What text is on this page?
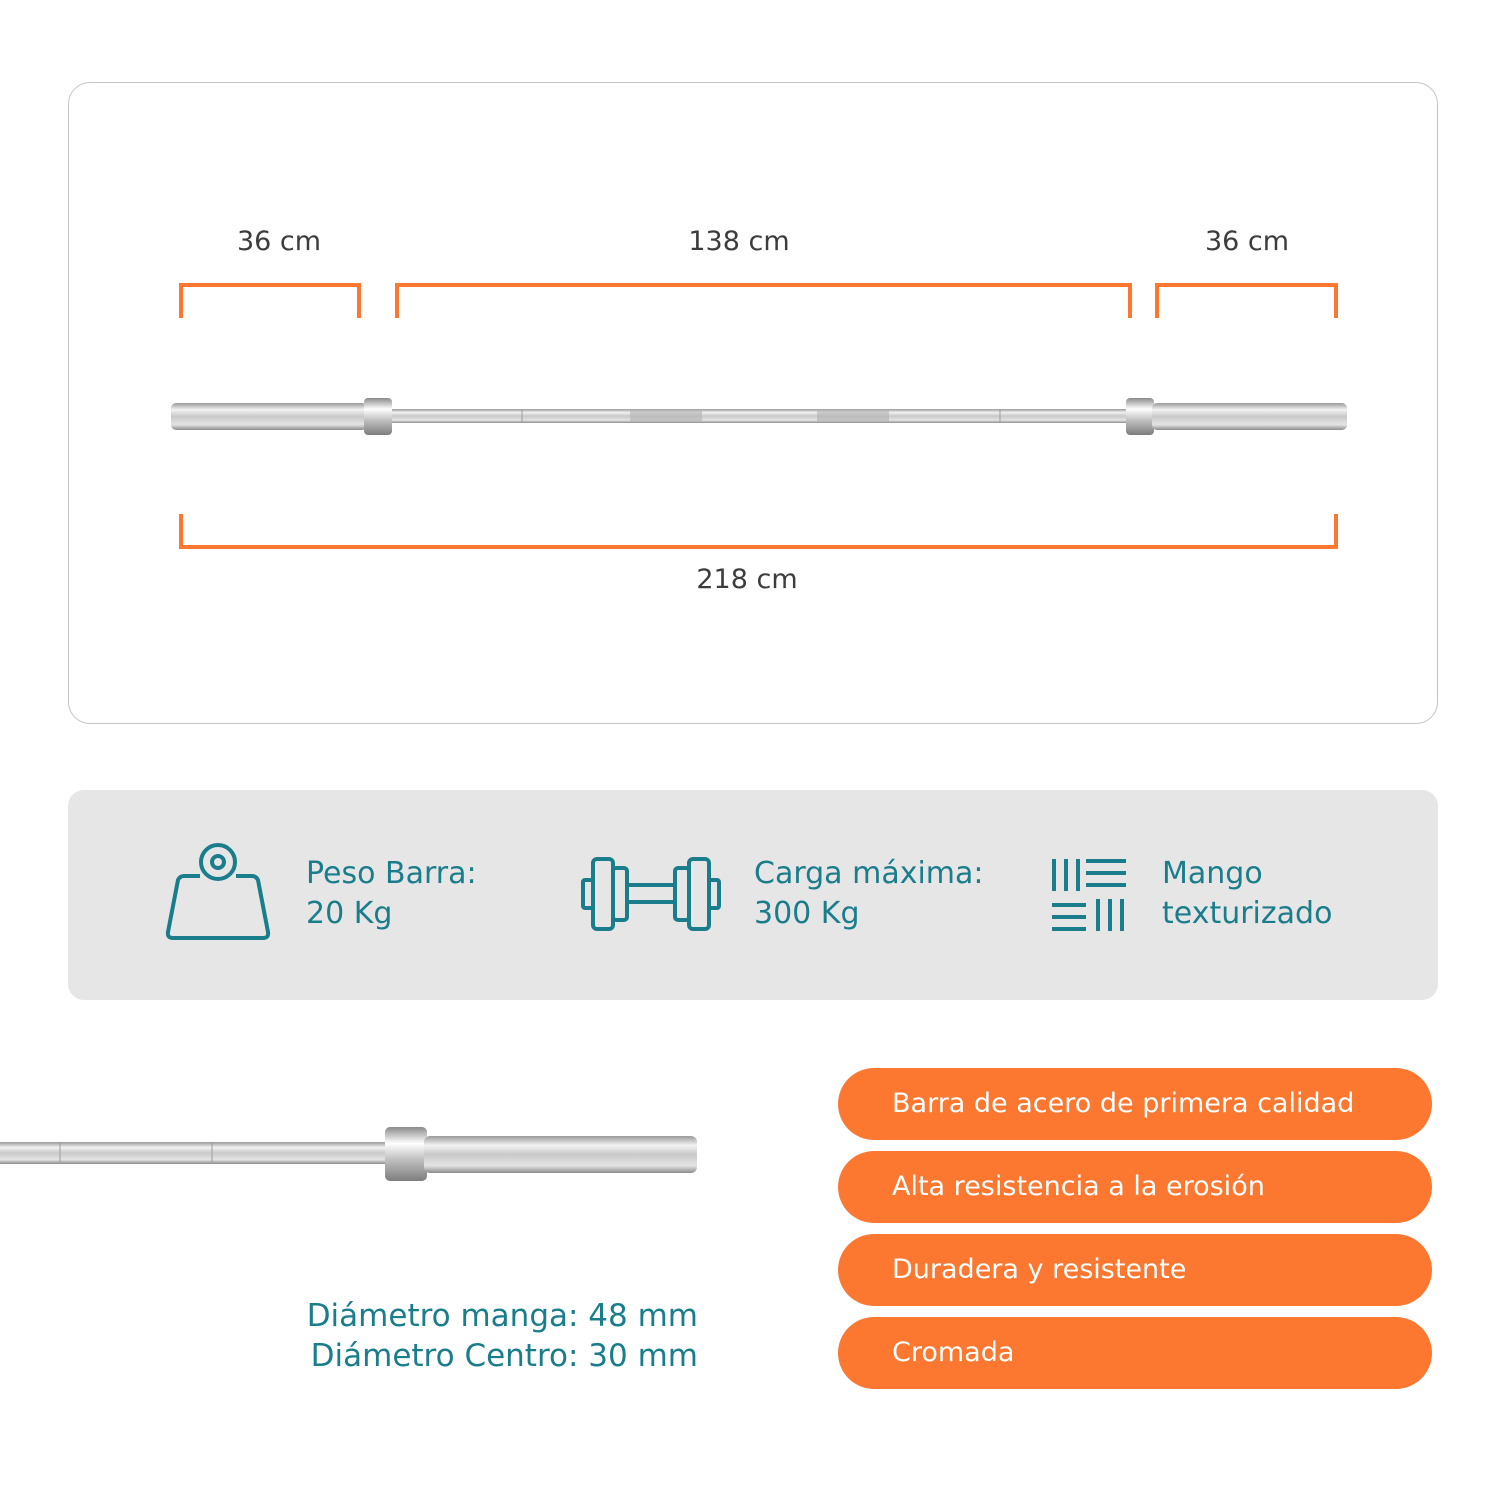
36 cm	138 cm	36 cm
218 cm
Peso Barra:
20 Kg
Carga máxima:
300 Kg
Mango
texturizado
Diámetro manga: 48 mm
Diámetro Centro: 30 mm
Barra de acero de primera calidad
Alta resistencia a la erosión
Duradera y resistente
Cromada
